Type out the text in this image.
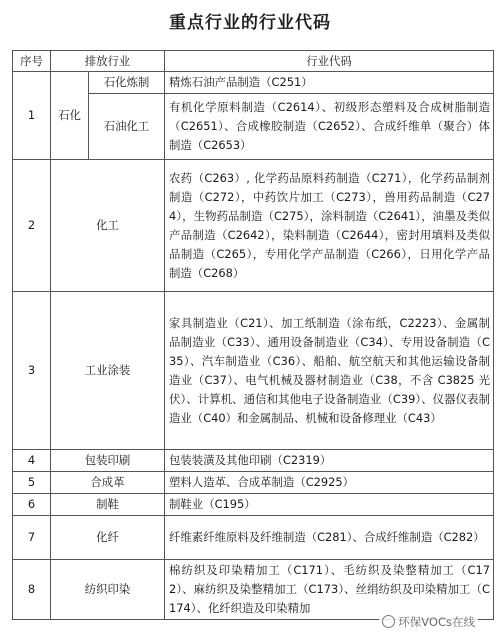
重点行业的行业代码
序号	排放行业		行业代码
1	石化	石化炼制	精炼石油产品制造（C251）
		石油化工	有机化学原料制造（C2614）、初级形态塑料及合成树脂制造（C2651）、合成橡胶制造（C2652）、合成纤维单（聚合）体制造（C2653）
2	化工		农药（C263）, 化学药品原料药制造（C271），化学药品制剂制造（C272），中药饮片加工（C273），兽用药品制造（C274），生物药品制造（C275），涂料制造（C2641），油墨及类似产品制造（C2642），染料制造（C2644），密封用填料及类似品制造（C265），专用化学产品制造（C266），日用化学产品制造（C268）
3	工业涂装		家具制造业（C21）、加工纸制造（涂布纸，C2223）、金属制品制造业（C33）、通用设备制造业（C34）、专用设备制造（C35）、汽车制造业（C36）、船舶、航空航天和其他运输设备制造业（C37）、电气机械及器材制造业（C38，不含 C3825 光伏）、计算机、通信和其他电子设备制造业（C39）、仪器仪表制造业（C40）和金属制品、机械和设备修理业（C43）
4	包装印刷		包装装潢及其他印刷（C2319）
5	合成革		塑料人造革、合成革制造（C2925）
6	制鞋		制鞋业（C195）
7	化纤		纤维素纤维原料及纤维制造（C281）、合成纤维制造（C282）
8	纺织印染		棉纺织及印染精加工（C171）、毛纺织及染整精加工（C172）、麻纺织及染整精加工（C173）、丝绢纺织及印染精加工（C174）、化纤织造及印染精加
环保VOCs在线
